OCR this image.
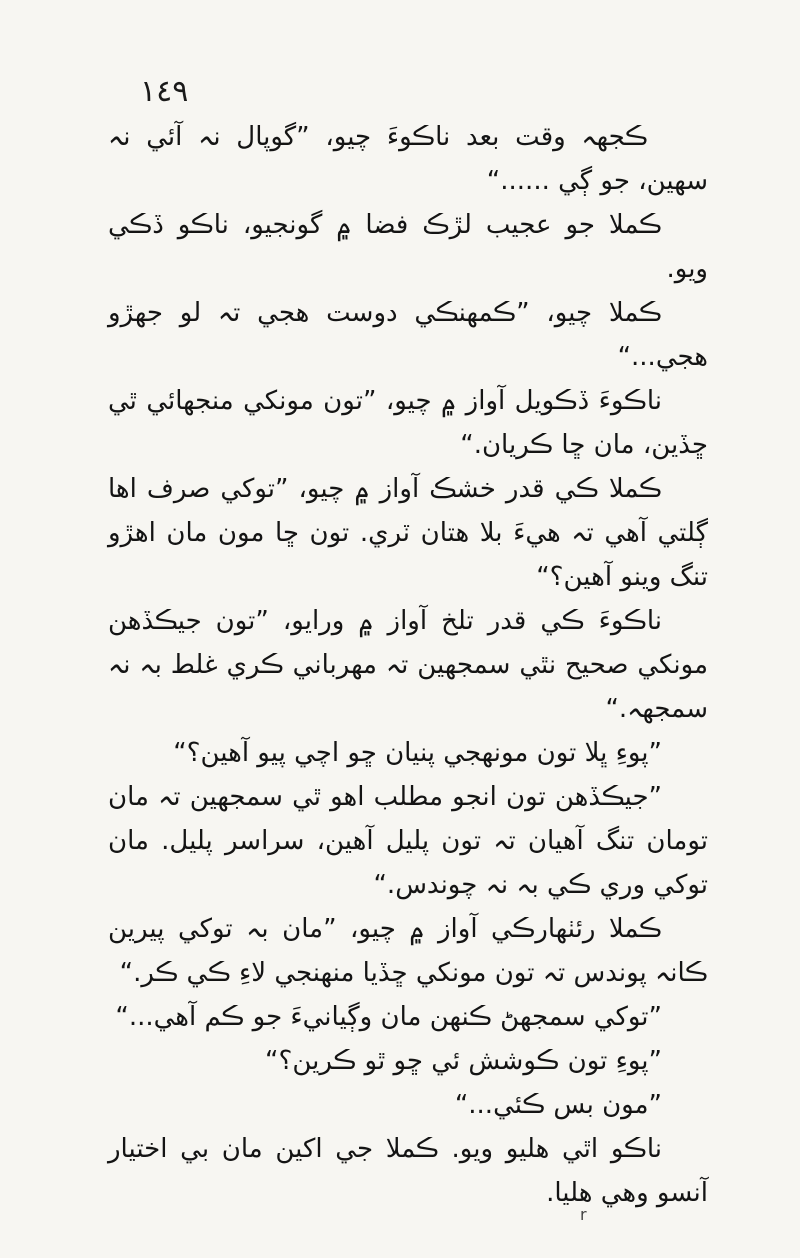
١٤٩

ڪجھہ وقت بعد ناڪوءَ چيو، ”گوپال نہ آئي نہ سھين، جو ڳي ......“

ڪملا جو عجيب لڙڪ فضا ۾ گونجيو، ناڪو ڏڪي ويو.

ڪملا چيو، ”ڪمھنڪي دوست ھجي تہ لو جھڙو ھجي...“

ناڪوءَ ڏڪويل آواز ۾ چيو، ”تون مونکي منجهائي ٿي ڇڏين، مان ڇا ڪريان.“

ڪملا ڪي قدر خشڪ آواز ۾ چيو، ”توکي صرف اھا ڳلتي آھي تہ ھيءَ بلا هتان ٽري. تون ڇا مون مان اھڙو تنگ وينو آھين؟“

ناڪوءَ ڪي قدر تلخ آواز ۾ ورايو، ”تون جيڪڏھن مونکي صحيح نٿي سمجھين تہ مھرباني ڪري غلط بہ نہ سمجھہ.“

”پوءِ ڀلا تون مونھجي پنيان ڇو اچي پيو آھين؟“

”جيڪڏھن تون انجو مطلب اھو ٿي سمجھين تہ مان تومان تنگ آھيان تہ تون پليل آھين، سراسر پليل. مان توکي وري ڪي بہ نہ چوندس.“

ڪملا رئٺھارڪي آواز ۾ چيو، ”مان بہ توکي پيرين ڪانہ پوندس تہ تون مونکي ڇڏيا منھنجي لاءِ ڪي ڪر.“

”توکي سمجھڻ ڪنھن مان وڳيانيءَ جو ڪم آھي...“

”پوءِ تون ڪوشش ئي ڇو ٿو ڪرين؟“

”مون بس ڪئي...“

ناڪو اٿي هليو ويو. ڪملا جي اکين مان بي اختيار آنسو وهي هليا.

r
